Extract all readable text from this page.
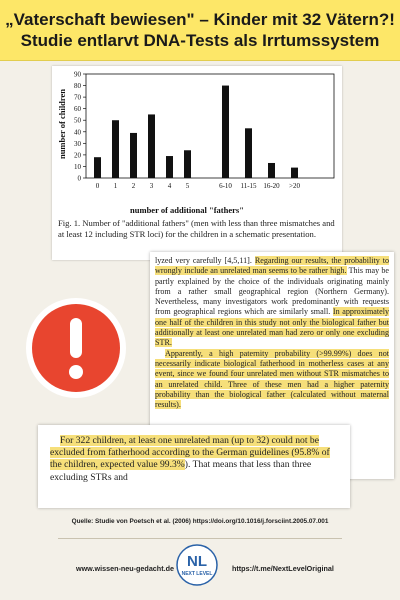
„Vaterschaft bewiesen" – Kinder mit 32 Vätern?!
Studie entlarvt DNA-Tests als Irrtumssystem
number of children
number of additional "fathers"
0
10
20
30
40
50
60
70
80
90
0 1 2 3 4 5	6-10 11-15 16-20 >20
Fig. 1. Number of "additional fathers" (men with less than three mismatches and at least 12 including STR loci) for the children in a schematic presentation.

lyzed very carefully [4,5,11]. Regarding our results, the probability to wrongly include an unrelated man seems to be rather high. This may be partly explained by the choice of the individuals originating mainly from a rather small geographical region (Northern Germany). Nevertheless, many investigators work predominantly with requests from geographical regions which are similarly small. In approximately one half of the children in this study not only the biological father but additionally at least one unrelated man had zero or only one excluding STR.

Apparently, a high paternity probability (>99.99%) does not necessarily indicate biological fatherhood in motherless cases at any event, since we found four unrelated men without STR mismatches to an unrelated child. Three of these men had a higher paternity probability than the biological father (calculated without maternal results).

For 322 children, at least one unrelated man (up to 32) could not be excluded from fatherhood according to the German guidelines (95.8% of the children, expected value 99.3%). That means that less than three excluding STRs and

Quelle: Studie von Poetsch et al. (2006) https://doi.org/10.1016/j.forsciint.2005.07.001
www.wissen-neu-gedacht.de	https://t.me/NextLevelOriginal
NL
NEXT LEVEL
